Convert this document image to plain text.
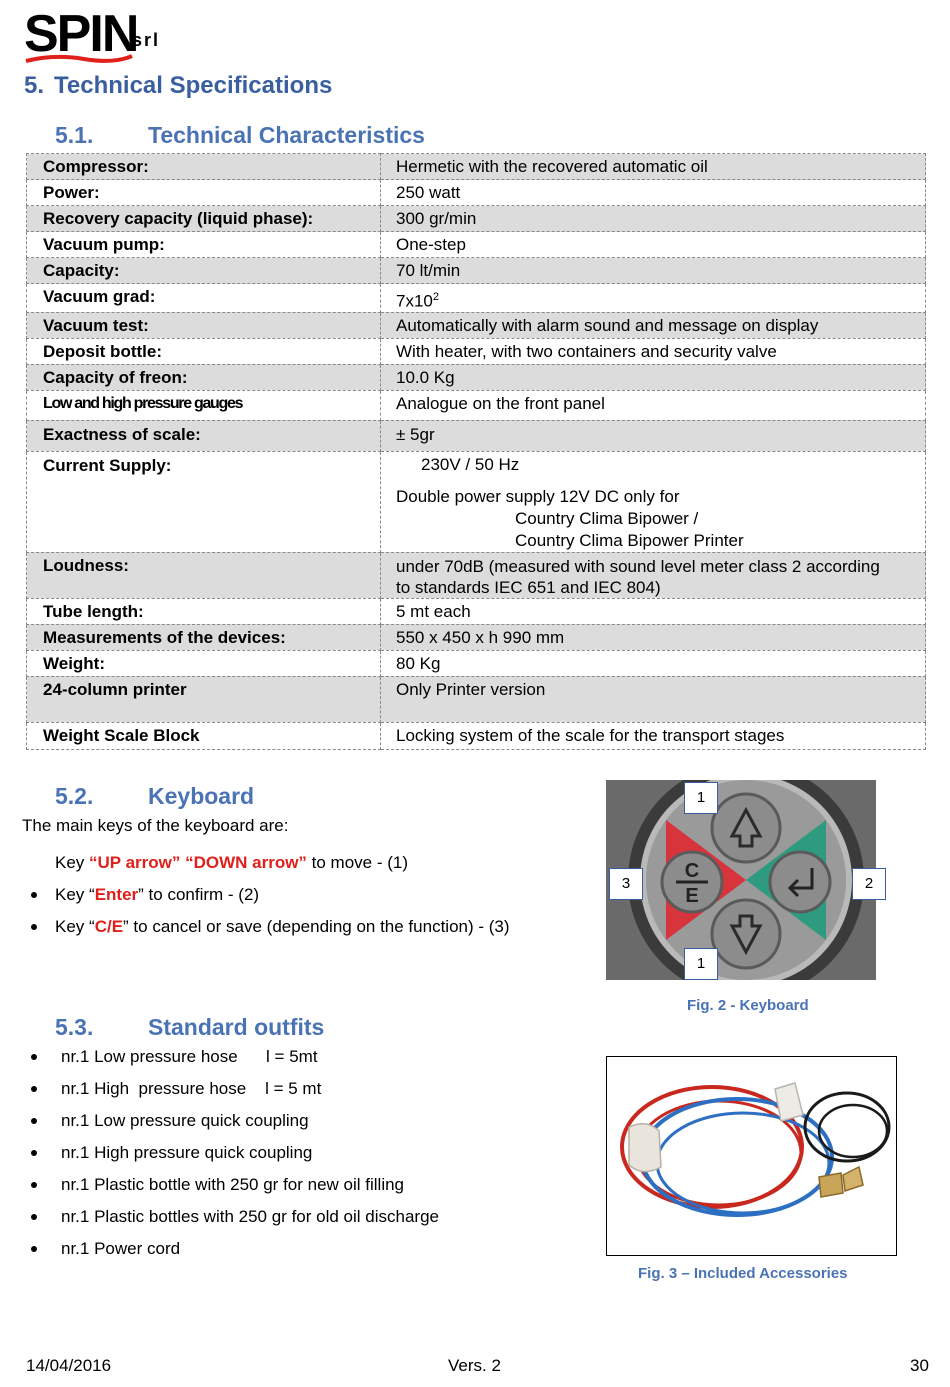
SPIN
srl
5. Technical Specifications
5.1. Technical Characteristics
Compressor:	Hermetic with the recovered automatic oil
Power:	250 watt
Recovery capacity (liquid phase):	300 gr/min
Vacuum pump:	One-step
Capacity:	70 lt/min
Vacuum grad:	$7x10^2$
Vacuum test:	Automatically with alarm sound and message on display
Deposit bottle:	With heater, with two containers and security valve
Capacity of freon:	10.0 Kg
Low and high pressure gauges	Analogue on the front panel
Exactness of scale:	± 5gr
Current Supply:	230V / 50 Hz
Double power supply 12V DC only for
Country Clima Bipower /
Country Clima Bipower Printer

Loudness:	under 70dB (measured with sound level meter class 2 according
to standards IEC 651 and IEC 804)

Tube length:	5 mt each
Measurements of the devices:	550 x 450 x h 990 mm
Weight:	80 Kg
24-column printer	Only Printer version
Weight Scale Block	Locking system of the scale for the transport stages
5.2. Keyboard
The main keys of the keyboard are:
Key “UP arrow” “DOWN arrow” to move - (1)
Key “Enter” to confirm - (2)
Key “C/E” to cancel or save (depending on the function) - (3)
C
E
1
3	2
1
Fig. 2 - Keyboard
5.3. Standard outfits
nr.1 Low pressure hose      l = 5mt
nr.1 High  pressure hose    l = 5 mt
nr.1 Low pressure quick coupling
nr.1 High pressure quick coupling
nr.1 Plastic bottle with 250 gr for new oil filling
nr.1 Plastic bottles with 250 gr for old oil discharge
nr.1 Power cord
Fig. 3 – Included Accessories
14/04/2016	Vers. 2	30
